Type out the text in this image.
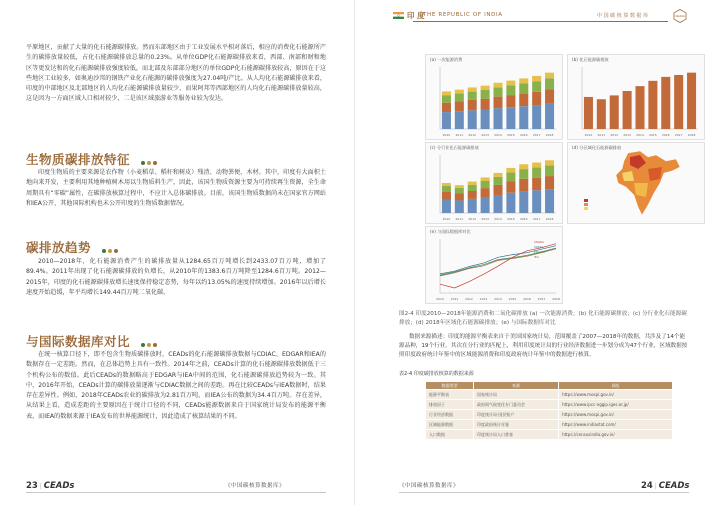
平原地区，贡献了大量的化石能源碳排放。然而东部地区由于工业发展水平相对落后，相应的消费化石能源所产生的碳排放量较低，占化石能源碳排放总量的0.23%。从单位GDP化石能源碳排放来看，西部、南部和财和地区等更发达和的化石能源碳排放强度较低，而北部及东部部分地区的单位GDP化石能源碳排放较高，原因在于这些地区工业较多，如奥迪沙邦的钢铁产业化石能源的碳排放强度为27.04吨/产比。从人均化石能源碳排放来看，印度的中部地区及北部地区的人均化石能源碳排放量较少，而果阿邦等西部地区的人均化石能源碳排放量较高，这是因为一方面区域人口相对较少，二是该区域旅游业等服务业较为发达。
生物质碳排放特征
印度生物质的主要来源是农作物（小麦稻草、稻秆和树皮）残渣、动物粪便、木材。其中，印度有大面积土地向来开发，主要利用其地种植树木用以生物质料生产，因此，该国生物质资源主要为可持续再生资源，全生命周期具有“零碳”属性，在碳排放核算过程中，不应计入总体碳排放。目前，该国生物质数据尚未在国家官方网站和IEA公开，其他国际机构也未公开印度的生物质数据情况。
碳排放趋势
2010—2018年，化石能源消费产生的碳排放量从1284.65百万吨增长到2433.07百万吨，增加了89.4%。2011年出现了化石能源碳排放的负增长，从2010年的1383.6百万吨降至1284.6百万吨。2012—2015年，印度的化石能源碳排放增长速度保持稳定态势，每年以约13.05%的速度持续增加。2016年以后增长速度开始趋缓，年平均增长149.44百万吨二氧化碳。
与国际数据库对比
在统一核算口径下，即不包含生物质碳排放时，CEADs的化石能源碳排放数据与CDIAC、EDGAR和IEA的数据存在一定差距。然而，在总体趋势上具有一致性。2014年之前，CEADs计算的化石能源碳排放数据低于三个机构公布的数值。此后CEADs的数据略高于EDGAR与IEA中间的范围，化石能源碳排放趋势较为一致。其中，2016年开始，CEADs计算的碳排放量逐渐与CDIAC数据之间的差距。再在比较CEADs与IEA数据时，结果存在差异性。例如，2018年CEADs农业的碳排放为2.81百万吨，而IEA公布的数据为34.4百万吨。存在差异，从结果上看，造成差距的主要原因在于统计口径的不同，CEADs能源数据来自于国家统计局发布的能源平衡表，而IEA的数据来源于IEA发布的世界能源统计，因此造成了核算结果的不同。
23 | CEADs	《中国碳核算数据库》
印 度
THE REPUBLIC OF INDIA	中 国 碳 核 算 数 据 库	CEADs
(a) 一次能源消费
2010 2011 2012 2013 2014 2015 2016 2017 2018
(b) 化石能源碳排放
2010 2011 2012 2013 2014 2015 2016 2017 2018
(c) 分行业化石能源碳排放
2010 2011 2012 2013 2014 2015 2016 2017 2018
(d) 分区域化石能源碳排放
(e) 与国际数据库对比
CEADs
CDIAC
EDGAR
IEA
2010 2011 2012 2013 2014 2015 2016 2017 2018
图2-4 印度2010—2018年能源消费和二氧化碳排放 (a) 一次能源消费；(b) 化石能源碳排放；(c) 分行业化石能源碳排放；(d) 2018年区域化石能源碳排放；(e) 与国际数据库对比
数据来源描述：印度的能源平衡表来自于美国国家统计局，范围覆盖了2007—2018年的数据，共涉及了14个能源品种，19个行业。其次在分行业的匹配上，利用印度统计局的行业经济数据进一步划分成为47个行业，区域数据按照印度政府统计年鉴中的区域能源消费和印度政府统计年鉴中的数据进行核算。
表2-4 印度碳排放核算的数据来源
数据类型	来源	网址
能源平衡表	国家统计局	https://www.mospi.gov.in/
排放因子	政府间气候变化专门委员会	https://www.ipcc-nggip.iges.or.jp/
行业经济数据	印度统计局-国民账户	https://www.mospi.gov.in/
区域能源数据	印度政府统计年鉴	https://www.indiastat.com/
人口数据	印度统计局人口普查	https://censusindia.gov.in/
《中国碳核算数据库》	24 | CEADs
